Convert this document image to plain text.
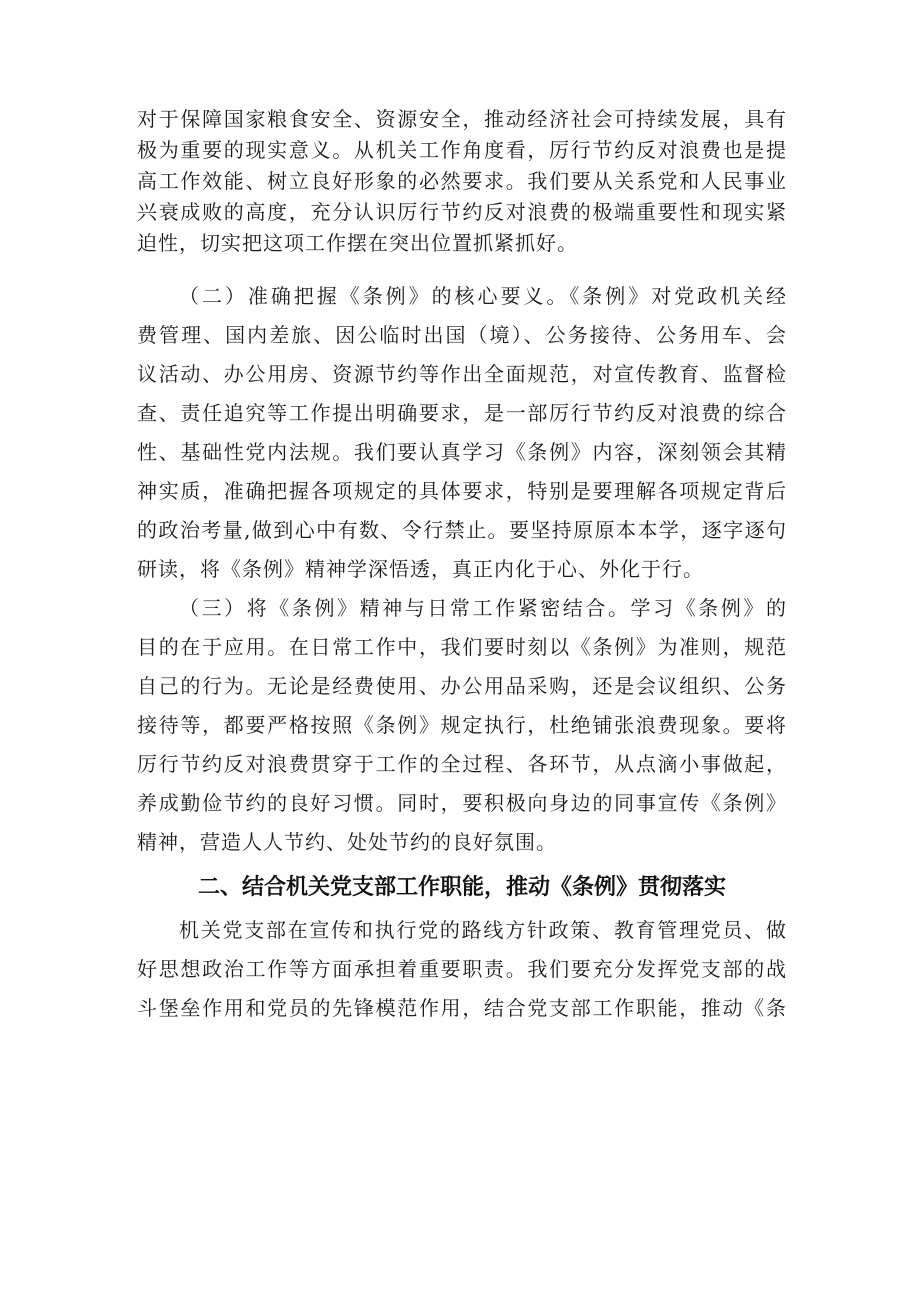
对于保障国家粮食安全、资源安全，推动经济社会可持续发展，具有
极为重要的现实意义。从机关工作角度看，厉行节约反对浪费也是提
高工作效能、树立良好形象的必然要求。我们要从关系党和人民事业
兴衰成败的高度，充分认识厉行节约反对浪费的极端重要性和现实紧
迫性，切实把这项工作摆在突出位置抓紧抓好。
（二）准确把握《条例》的核心要义。《条例》对党政机关经
费管理、国内差旅、因公临时出国（境）、公务接待、公务用车、会
议活动、办公用房、资源节约等作出全面规范，对宣传教育、监督检
查、责任追究等工作提出明确要求，是一部厉行节约反对浪费的综合
性、基础性党内法规。我们要认真学习《条例》内容，深刻领会其精
神实质，准确把握各项规定的具体要求，特别是要理解各项规定背后
的政治考量,做到心中有数、令行禁止。要坚持原原本本学，逐字逐句
研读，将《条例》精神学深悟透，真正内化于心、外化于行。
（三）将《条例》精神与日常工作紧密结合。学习《条例》的
目的在于应用。在日常工作中，我们要时刻以《条例》为准则，规范
自己的行为。无论是经费使用、办公用品采购，还是会议组织、公务
接待等，都要严格按照《条例》规定执行，杜绝铺张浪费现象。要将
厉行节约反对浪费贯穿于工作的全过程、各环节，从点滴小事做起，
养成勤俭节约的良好习惯。同时，要积极向身边的同事宣传《条例》
精神，营造人人节约、处处节约的良好氛围。
二、结合机关党支部工作职能，推动《条例》贯彻落实
机关党支部在宣传和执行党的路线方针政策、教育管理党员、做
好思想政治工作等方面承担着重要职责。我们要充分发挥党支部的战
斗堡垒作用和党员的先锋模范作用，结合党支部工作职能，推动《条
